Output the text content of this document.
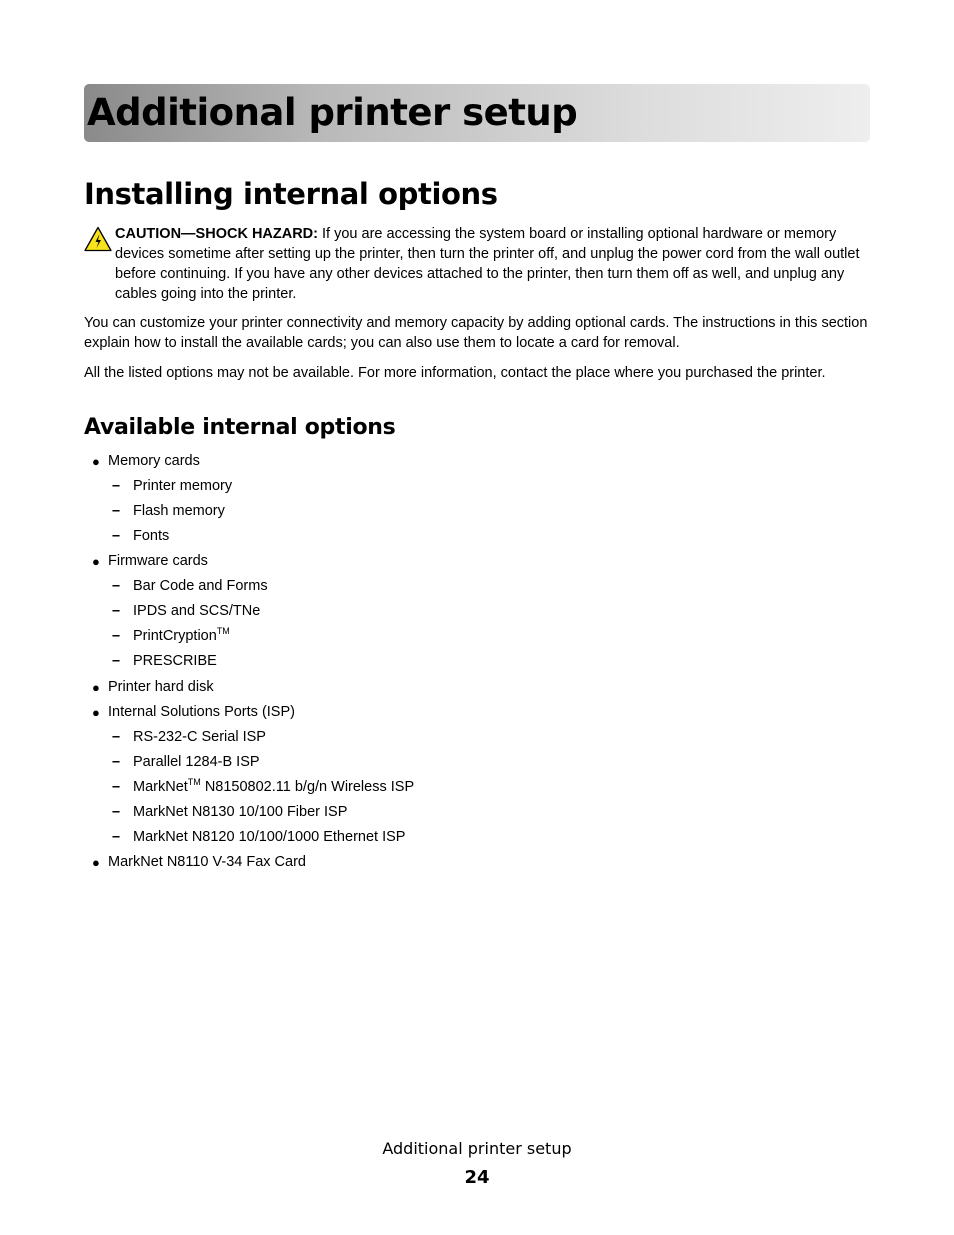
Additional printer setup
Installing internal options

CAUTION—SHOCK HAZARD: If you are accessing the system board or installing optional hardware or memory devices sometime after setting up the printer, then turn the printer off, and unplug the power cord from the wall outlet before continuing. If you have any other devices attached to the printer, then turn them off as well, and unplug any cables going into the printer.

You can customize your printer connectivity and memory capacity by adding optional cards. The instructions in this section explain how to install the available cards; you can also use them to locate a card for removal.

All the listed options may not be available. For more information, contact the place where you purchased the printer.

Available internal options
● Memory cards
– Printer memory
– Flash memory
– Fonts
● Firmware cards
– Bar Code and Forms
– IPDS and SCS/TNe
– PrintCryption™
– PRESCRIBE
● Printer hard disk
● Internal Solutions Ports (ISP)
– RS-232-C Serial ISP
– Parallel 1284-B ISP
– MarkNet™ N8150802.11 b/g/n Wireless ISP
– MarkNet N8130 10/100 Fiber ISP
– MarkNet N8120 10/100/1000 Ethernet ISP
● MarkNet N8110 V-34 Fax Card
Additional printer setup
24
